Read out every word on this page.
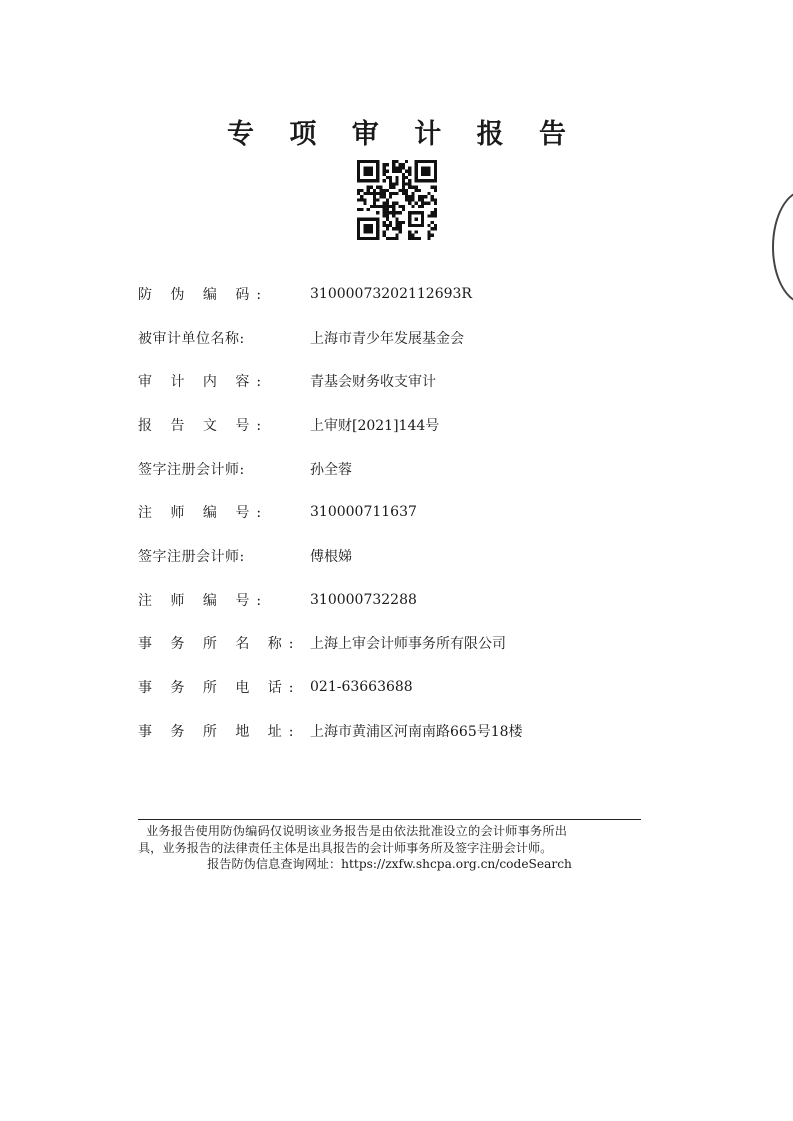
专 项 审 计 报 告
防 伪 编 码:	31000073202112693R
被审计单位名称:	上海市青少年发展基金会
审 计 内 容:	青基会财务收支审计
报 告 文 号:	上审财[2021]144号
签字注册会计师:	孙全蓉
注 师 编 号:	310000711637
签字注册会计师:	傅根娣
注 师 编 号:	310000732288
事 务 所 名 称: 上海上审会计师事务所有限公司
事 务 所 电 话: 021-63663688
事 务 所 地 址: 上海市黄浦区河南南路665号18楼
业务报告使用防伪编码仅说明该业务报告是由依法批准设立的会计师事务所出
具，业务报告的法律责任主体是出具报告的会计师事务所及签字注册会计师。
报告防伪信息查询网址：https://zxfw.shcpa.org.cn/codeSearch
